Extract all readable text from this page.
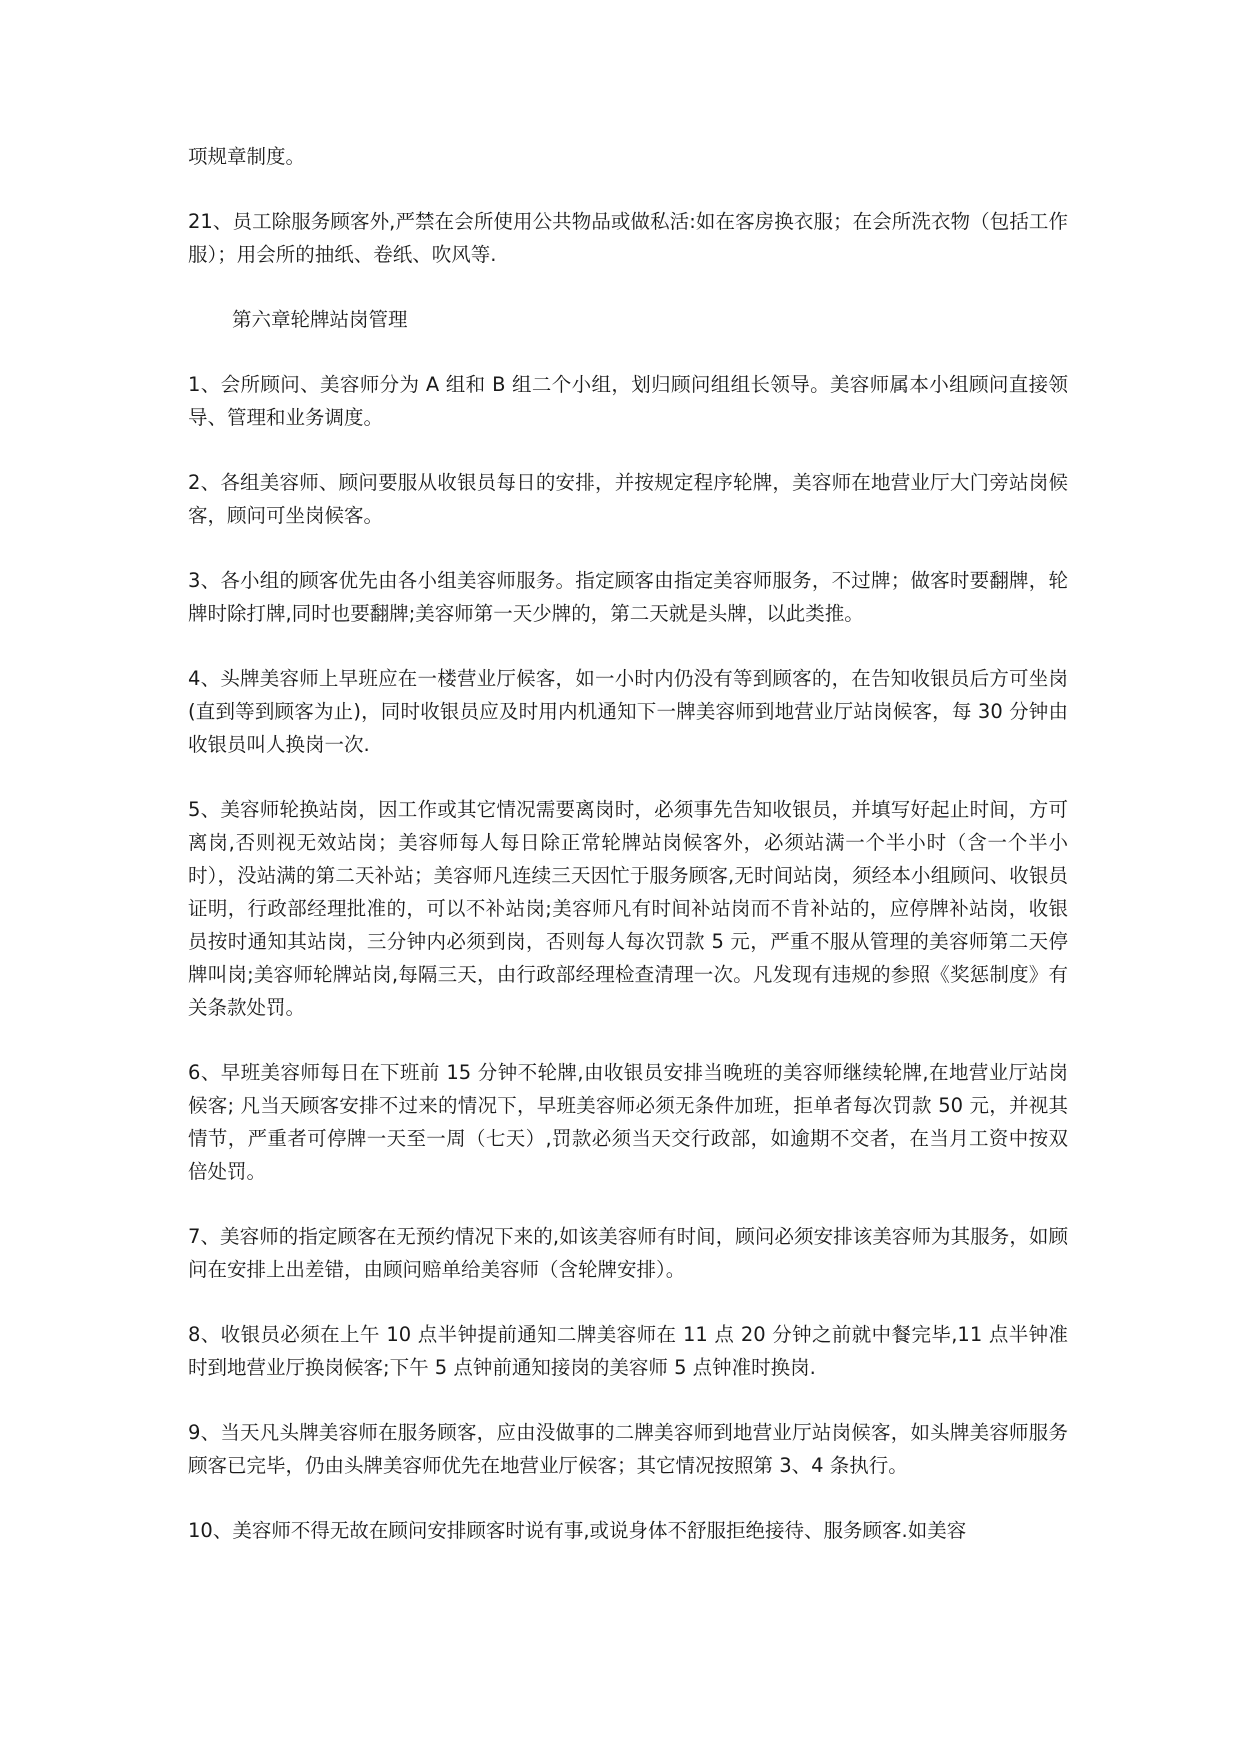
项规章制度。

21、员工除服务顾客外,严禁在会所使用公共物品或做私活:如在客房换衣服；在会所洗衣物（包括工作服）；用会所的抽纸、卷纸、吹风等.

第六章轮牌站岗管理

1、会所顾问、美容师分为 A 组和 B 组二个小组，划归顾问组组长领导。美容师属本小组顾问直接领导、管理和业务调度。

2、各组美容师、顾问要服从收银员每日的安排，并按规定程序轮牌，美容师在地营业厅大门旁站岗候客，顾问可坐岗候客。

3、各小组的顾客优先由各小组美容师服务。指定顾客由指定美容师服务，不过牌；做客时要翻牌，轮牌时除打牌,同时也要翻牌;美容师第一天少牌的，第二天就是头牌，以此类推。

4、头牌美容师上早班应在一楼营业厅候客，如一小时内仍没有等到顾客的，在告知收银员后方可坐岗(直到等到顾客为止)，同时收银员应及时用内机通知下一牌美容师到地营业厅站岗候客，每 30 分钟由收银员叫人换岗一次.

5、美容师轮换站岗，因工作或其它情况需要离岗时，必须事先告知收银员，并填写好起止时间，方可离岗,否则视无效站岗；美容师每人每日除正常轮牌站岗候客外，必须站满一个半小时（含一个半小时），没站满的第二天补站；美容师凡连续三天因忙于服务顾客,无时间站岗，须经本小组顾问、收银员证明，行政部经理批准的，可以不补站岗;美容师凡有时间补站岗而不肯补站的，应停牌补站岗，收银员按时通知其站岗，三分钟内必须到岗，否则每人每次罚款 5 元，严重不服从管理的美容师第二天停牌叫岗;美容师轮牌站岗,每隔三天，由行政部经理检查清理一次。凡发现有违规的参照《奖惩制度》有关条款处罚。

6、早班美容师每日在下班前 15 分钟不轮牌,由收银员安排当晚班的美容师继续轮牌,在地营业厅站岗候客; 凡当天顾客安排不过来的情况下，早班美容师必须无条件加班，拒单者每次罚款 50 元，并视其情节，严重者可停牌一天至一周（七天）,罚款必须当天交行政部，如逾期不交者，在当月工资中按双倍处罚。

7、美容师的指定顾客在无预约情况下来的,如该美容师有时间，顾问必须安排该美容师为其服务，如顾问在安排上出差错，由顾问赔单给美容师（含轮牌安排）。

8、收银员必须在上午 10 点半钟提前通知二牌美容师在 11 点 20 分钟之前就中餐完毕,11 点半钟准时到地营业厅换岗候客;下午 5 点钟前通知接岗的美容师 5 点钟准时换岗.

9、当天凡头牌美容师在服务顾客，应由没做事的二牌美容师到地营业厅站岗候客，如头牌美容师服务顾客已完毕，仍由头牌美容师优先在地营业厅候客；其它情况按照第 3、4 条执行。

10、美容师不得无故在顾问安排顾客时说有事,或说身体不舒服拒绝接待、服务顾客.如美容
